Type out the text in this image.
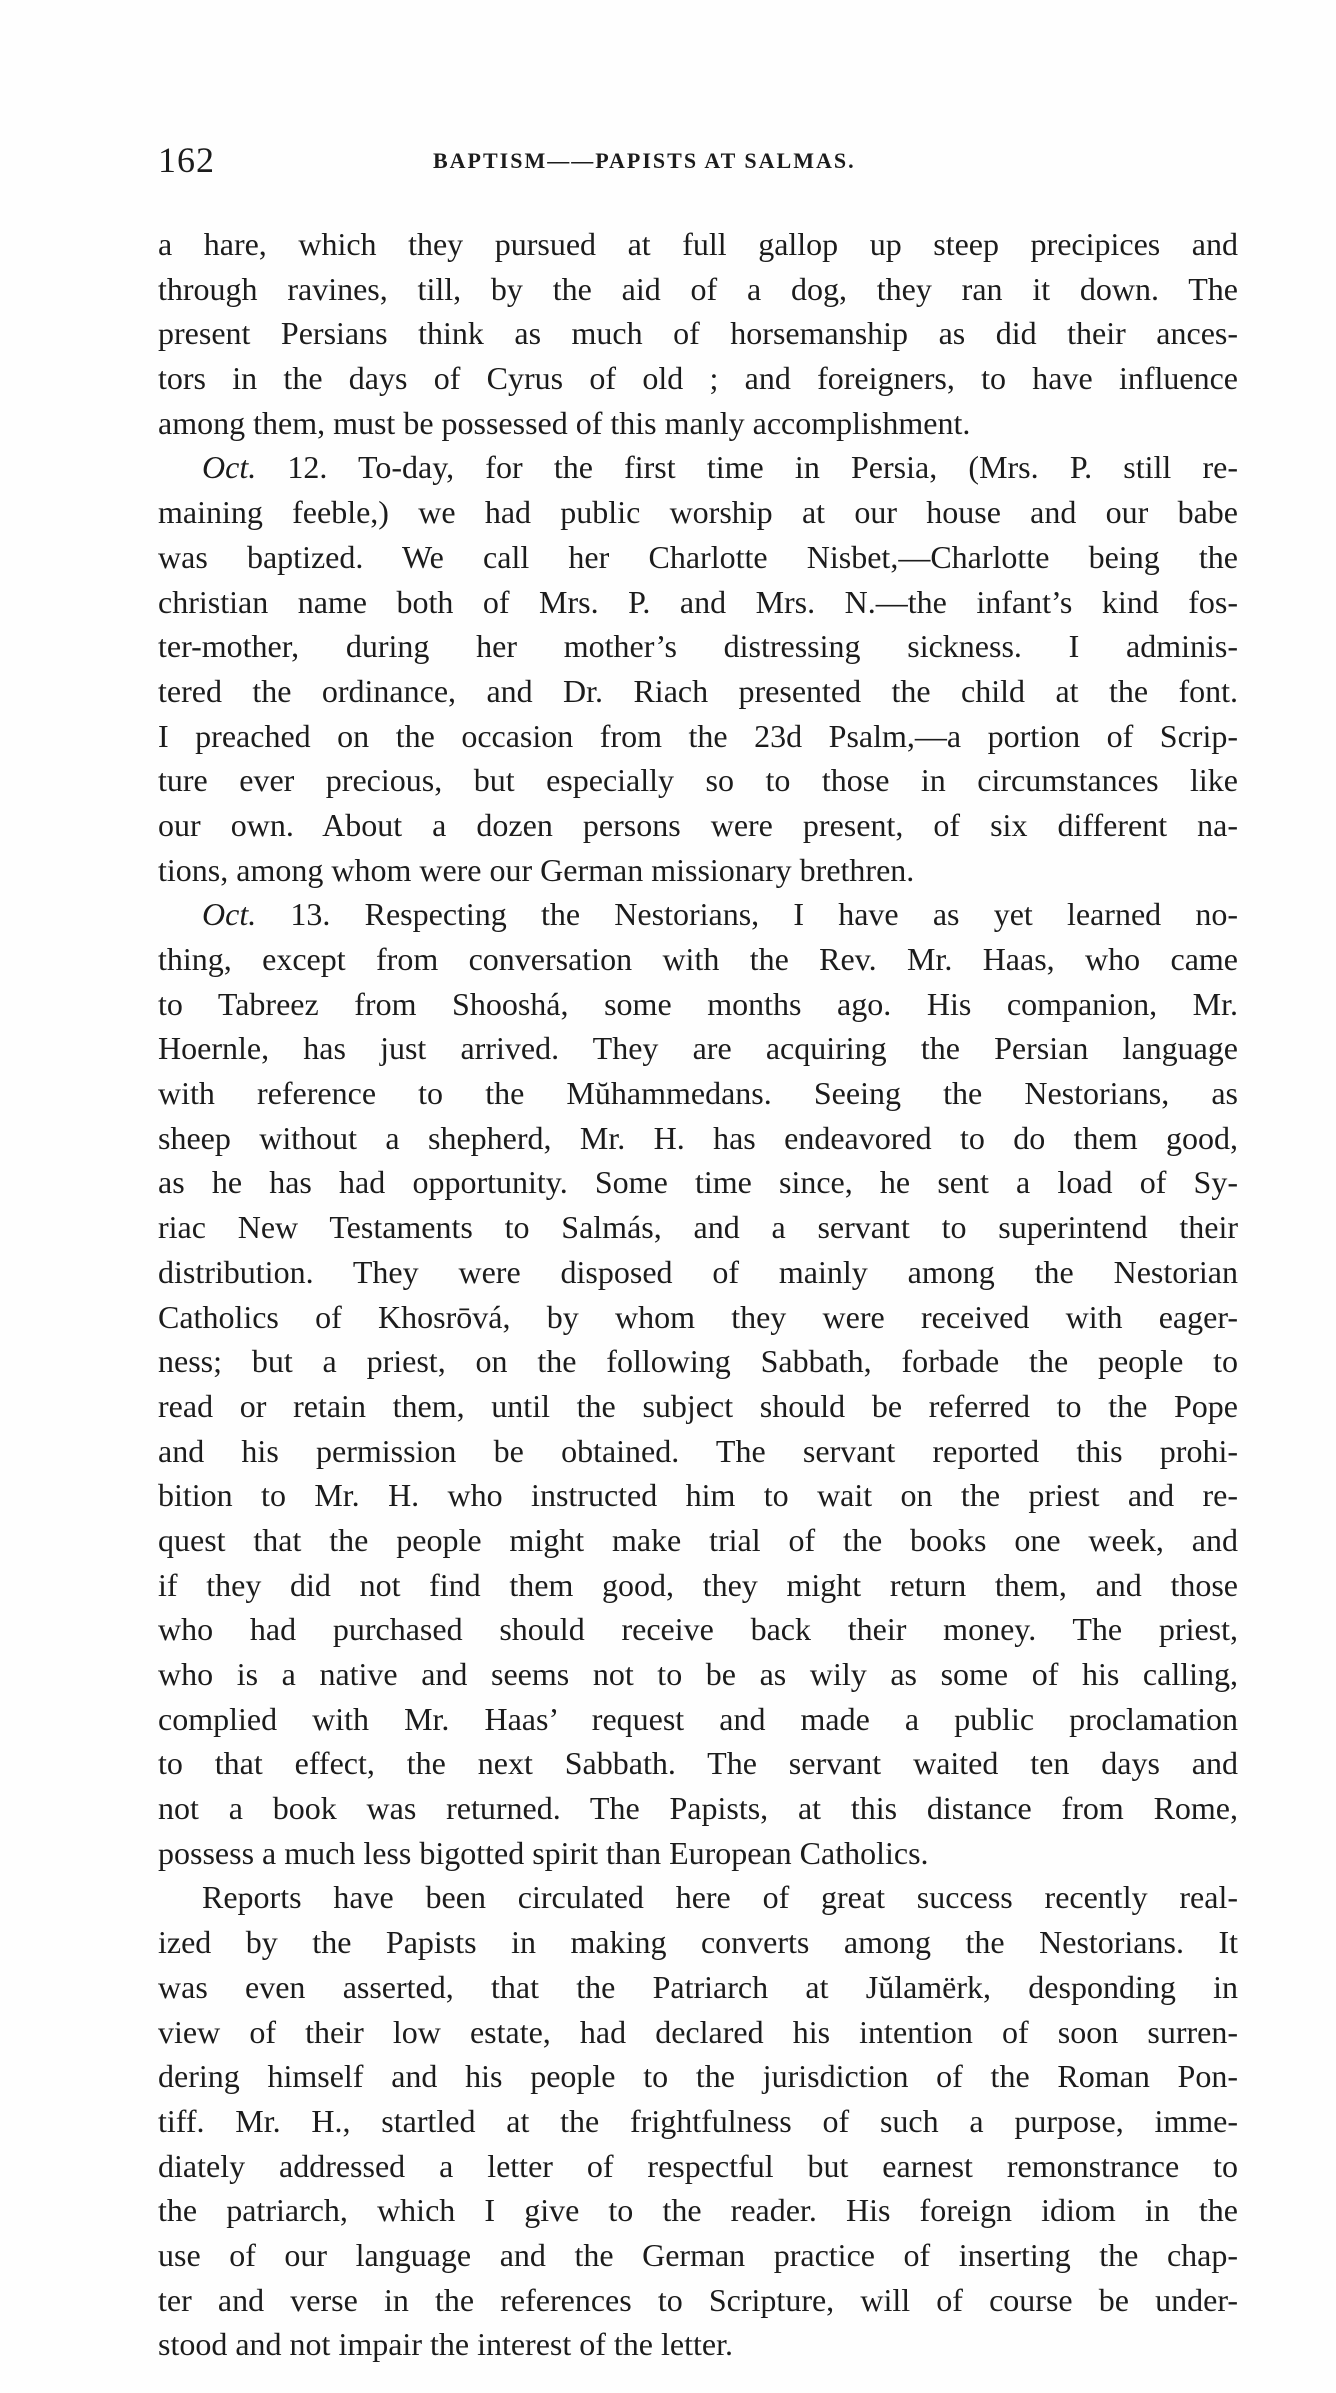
162	BAPTISM——PAPISTS AT SALMAS.
a hare, which they pursued at full gallop up steep precipices and
through ravines, till, by the aid of a dog, they ran it down. The
present Persians think as much of horsemanship as did their ances-
tors in the days of Cyrus of old ; and foreigners, to have influence
among them, must be possessed of this manly accomplishment.
Oct. 12. To-day, for the first time in Persia, (Mrs. P. still re-
maining feeble,) we had public worship at our house and our babe
was baptized. We call her Charlotte Nisbet,—Charlotte being the
christian name both of Mrs. P. and Mrs. N.—the infant’s kind fos-
ter-mother, during her mother’s distressing sickness. I adminis-
tered the ordinance, and Dr. Riach presented the child at the font.
I preached on the occasion from the 23d Psalm,—a portion of Scrip-
ture ever precious, but especially so to those in circumstances like
our own. About a dozen persons were present, of six different na-
tions, among whom were our German missionary brethren.
Oct. 13. Respecting the Nestorians, I have as yet learned no-
thing, except from conversation with the Rev. Mr. Haas, who came
to Tabreez from Shooshá, some months ago. His companion, Mr.
Hoernle, has just arrived. They are acquiring the Persian language
with reference to the Mŭhammedans. Seeing the Nestorians, as
sheep without a shepherd, Mr. H. has endeavored to do them good,
as he has had opportunity. Some time since, he sent a load of Sy-
riac New Testaments to Salmás, and a servant to superintend their
distribution. They were disposed of mainly among the Nestorian
Catholics of Khosrōvá, by whom they were received with eager-
ness; but a priest, on the following Sabbath, forbade the people to
read or retain them, until the subject should be referred to the Pope
and his permission be obtained. The servant reported this prohi-
bition to Mr. H. who instructed him to wait on the priest and re-
quest that the people might make trial of the books one week, and
if they did not find them good, they might return them, and those
who had purchased should receive back their money. The priest,
who is a native and seems not to be as wily as some of his calling,
complied with Mr. Haas’ request and made a public proclamation
to that effect, the next Sabbath. The servant waited ten days and
not a book was returned. The Papists, at this distance from Rome,
possess a much less bigotted spirit than European Catholics.
Reports have been circulated here of great success recently real-
ized by the Papists in making converts among the Nestorians. It
was even asserted, that the Patriarch at Jŭlamërk, desponding in
view of their low estate, had declared his intention of soon surren-
dering himself and his people to the jurisdiction of the Roman Pon-
tiff. Mr. H., startled at the frightfulness of such a purpose, imme-
diately addressed a letter of respectful but earnest remonstrance to
the patriarch, which I give to the reader. His foreign idiom in the
use of our language and the German practice of inserting the chap-
ter and verse in the references to Scripture, will of course be under-
stood and not impair the interest of the letter.
